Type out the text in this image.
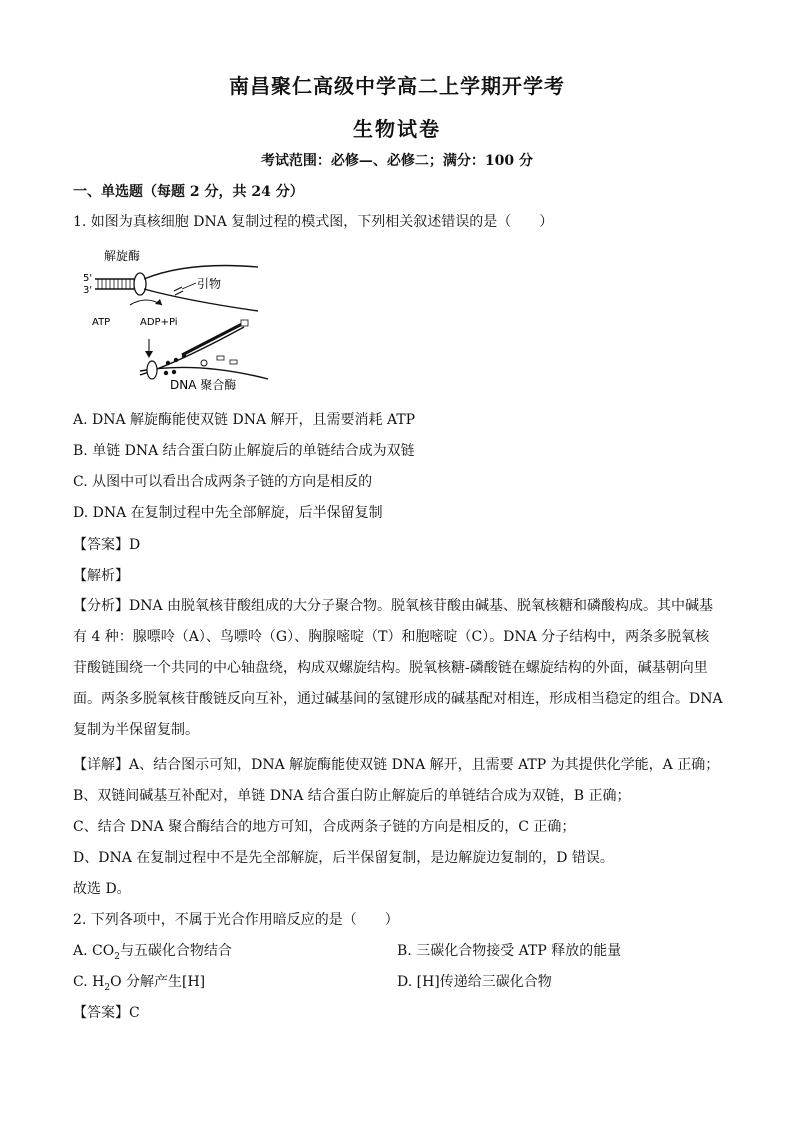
南昌聚仁高级中学高二上学期开学考
生物试卷
考试范围：必修—、必修二；满分：100 分
一、单选题（每题 2 分，共 24 分）
1. 如图为真核细胞 DNA 复制过程的模式图，下列相关叙述错误的是（　　）
解旋酶
5'
3'	引物
ATP	ADP+Pi
DNA 聚合酶
A. DNA 解旋酶能使双链 DNA 解开，且需要消耗 ATP
B. 单链 DNA 结合蛋白防止解旋后的单链结合成为双链
C. 从图中可以看出合成两条子链的方向是相反的
D. DNA 在复制过程中先全部解旋，后半保留复制
【答案】D
【解析】
【分析】DNA 由脱氧核苷酸组成的大分子聚合物。脱氧核苷酸由碱基、脱氧核糖和磷酸构成。其中碱基有 4 种：腺嘌呤（A）、鸟嘌呤（G）、胸腺嘧啶（T）和胞嘧啶（C）。DNA 分子结构中，两条多脱氧核苷酸链围绕一个共同的中心轴盘绕，构成双螺旋结构。脱氧核糖-磷酸链在螺旋结构的外面，碱基朝向里面。两条多脱氧核苷酸链反向互补，通过碱基间的氢键形成的碱基配对相连，形成相当稳定的组合。DNA 复制为半保留复制。
【详解】A、结合图示可知，DNA 解旋酶能使双链 DNA 解开，且需要 ATP 为其提供化学能，A 正确；
B、双链间碱基互补配对，单链 DNA 结合蛋白防止解旋后的单链结合成为双链，B 正确；
C、结合 DNA 聚合酶结合的地方可知，合成两条子链的方向是相反的，C 正确；
D、DNA 在复制过程中不是先全部解旋，后半保留复制，是边解旋边复制的，D 错误。
故选 D。
2. 下列各项中，不属于光合作用暗反应的是（　　）
A. $CO_2$与五碳化合物结合	B. 三碳化合物接受 ATP 释放的能量
C. $H_2O$ 分解产生[H]	D. [H]传递给三碳化合物
【答案】C
